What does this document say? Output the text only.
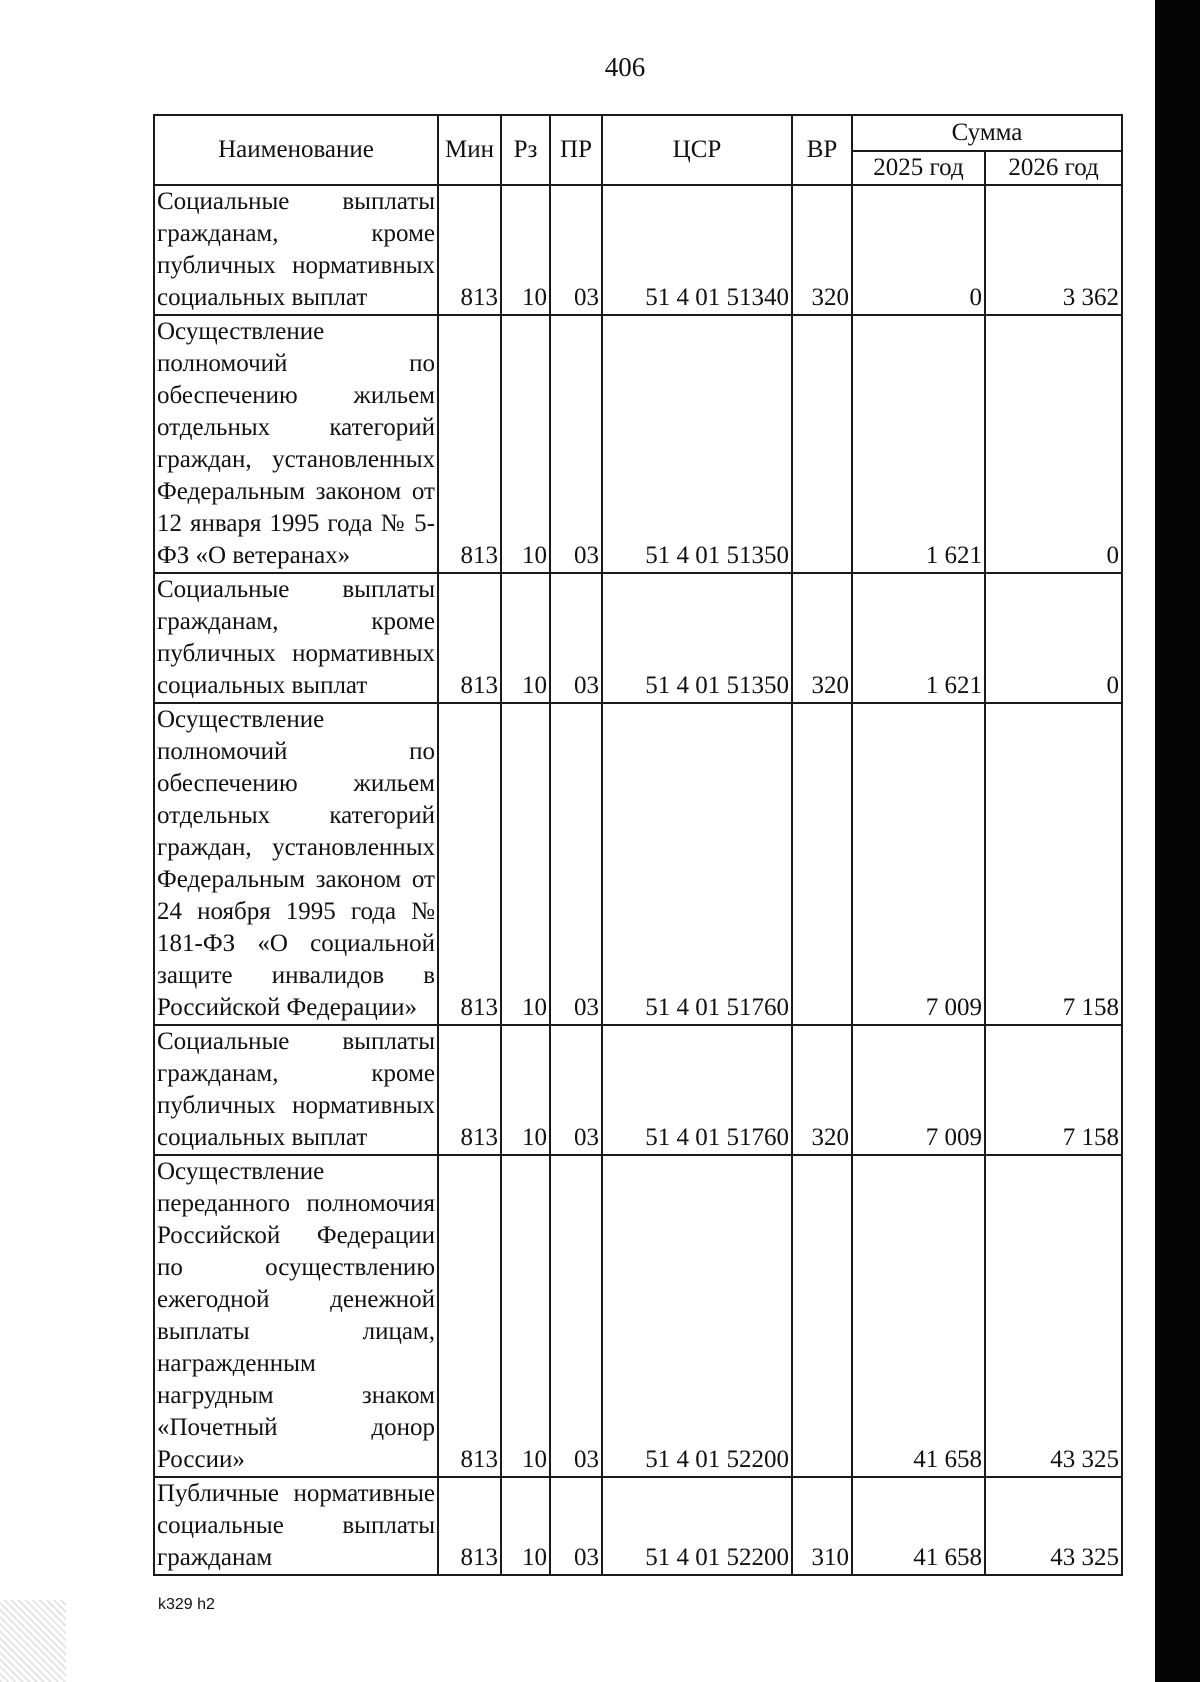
406
Наименование	Мин	Рз	ПР	ЦСР	ВР	Сумма	
						2025 год	2026 год
Социальные выплаты гражданам, кроме публичных нормативных социальных выплат	813	10	03	51 4 01 51340	320	0	3 362
Осуществление полномочий по обеспечению жильем отдельных категорий граждан, установленных Федеральным законом от 12 января 1995 года № 5-ФЗ «О ветеранах»	813	10	03	51 4 01 51350		1 621	0
Социальные выплаты гражданам, кроме публичных нормативных социальных выплат	813	10	03	51 4 01 51350	320	1 621	0
Осуществление полномочий по обеспечению жильем отдельных категорий граждан, установленных Федеральным законом от 24 ноября 1995 года № 181-ФЗ «О социальной защите инвалидов в Российской Федерации»	813	10	03	51 4 01 51760		7 009	7 158
Социальные выплаты гражданам, кроме публичных нормативных социальных выплат	813	10	03	51 4 01 51760	320	7 009	7 158
Осуществление переданного полномочия Российской Федерации по осуществлению ежегодной денежной выплаты лицам, награжденным нагрудным знаком «Почетный донор России»	813	10	03	51 4 01 52200		41 658	43 325
Публичные нормативные социальные выплаты гражданам	813	10	03	51 4 01 52200	310	41 658	43 325
k329 h2
